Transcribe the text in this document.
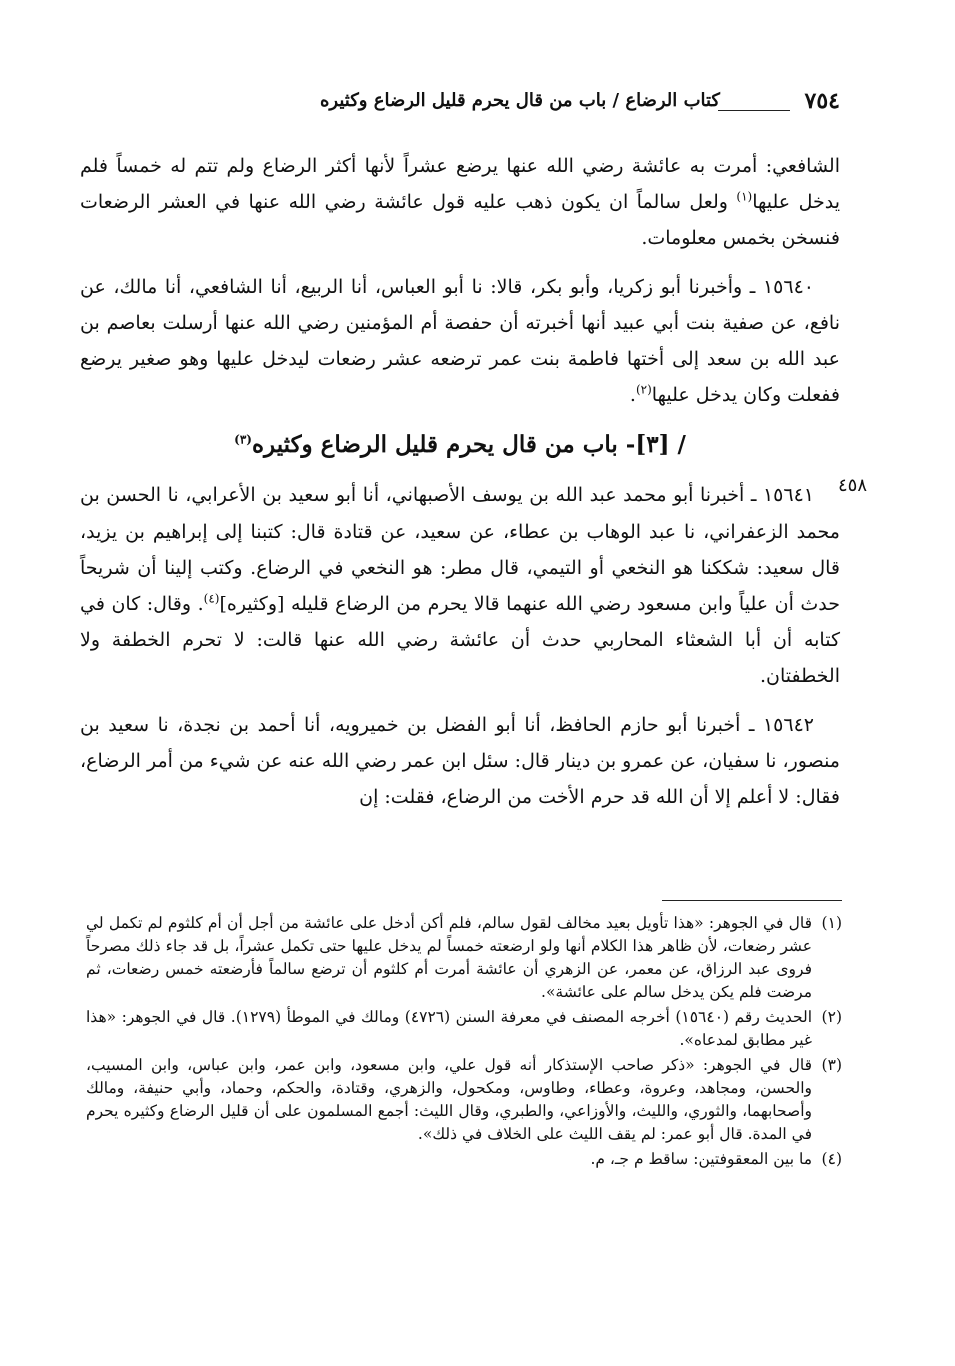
٧٥٤
كتاب الرضاع / باب من قال يحرم قليل الرضاع وكثيره
٤٥٨

الشافعي: أمرت به عائشة رضي الله عنها يرضع عشراً لأنها أكثر الرضاع ولم تتم له خمساً فلم يدخل عليها$^{(١)}$ ولعل سالماً ان يكون ذهب عليه قول عائشة رضي الله عنها في العشر الرضعات فنسخن بخمس معلومات.

١٥٦٤٠ ـ وأخبرنا أبو زكريا، وأبو بكر، قالا: نا أبو العباس، أنا الربيع، أنا الشافعي، أنا مالك، عن نافع، عن صفية بنت أبي عبيد أنها أخبرته أن حفصة أم المؤمنين رضي الله عنها أرسلت بعاصم بن عبد الله بن سعد إلى أختها فاطمة بنت عمر ترضعه عشر رضعات ليدخل عليها وهو صغير يرضع ففعلت وكان يدخل عليها$^{(٢)}$.

/ [٣]- باب من قال يحرم قليل الرضاع وكثيره$^{(٣)}$

١٥٦٤١ ـ أخبرنا أبو محمد عبد الله بن يوسف الأصبهاني، أنا أبو سعيد بن الأعرابي، نا الحسن بن محمد الزعفراني، نا عبد الوهاب بن عطاء، عن سعيد، عن قتادة قال: كتبنا إلى إبراهيم بن يزيد، قال سعيد: شككنا هو النخعي أو التيمي، قال مطر: هو النخعي في الرضاع. وكتب إلينا أن شريحاً حدث أن علياً وابن مسعود رضي الله عنهما قالا يحرم من الرضاع قليله [وكثيره]$^{(٤)}$. وقال: كان في كتابه أن أبا الشعثاء المحاربي حدث أن عائشة رضي الله عنها قالت: لا تحرم الخطفة ولا الخطفتان.

١٥٦٤٢ ـ أخبرنا أبو حازم الحافظ، أنا أبو الفضل بن خميرويه، أنا أحمد بن نجدة، نا سعيد بن منصور، نا سفيان، عن عمرو بن دينار قال: سئل ابن عمر رضي الله عنه عن شيء من أمر الرضاع، فقال: لا أعلم إلا أن الله قد حرم الأخت من الرضاع، فقلت: إن

(١)
قال في الجوهر: «هذا تأويل بعيد مخالف لقول سالم، فلم أكن أدخل على عائشة من أجل أن أم كلثوم لم تكمل لي عشر رضعات، لأن ظاهر هذا الكلام أنها ولو ارضعته خمساً لم يدخل عليها حتى تكمل عشراً، بل قد جاء ذلك مصرحاً فروى عبد الرزاق، عن معمر، عن الزهري أن عائشة أمرت أم كلثوم أن ترضع سالماً فأرضعته خمس رضعات، ثم مرضت فلم يكن يدخل سالم على عائشة».
(٢)
الحديث رقم (١٥٦٤٠) أخرجه المصنف في معرفة السنن (٤٧٢٦) ومالك في الموطأ (١٢٧٩). قال في الجوهر: «هذا غير مطابق لمدعاه».
(٣)
قال في الجوهر: «ذكر صاحب الإستذكار أنه قول علي، وابن مسعود، وابن عمر، وابن عباس، وابن المسيب، والحسن، ومجاهد، وعروة، وعطاء، وطاوس، ومكحول، والزهري، وقتادة، والحكم، وحماد، وأبي حنيفة، ومالك وأصحابهما، والثوري، والليث، والأوزاعي، والطبري، وقال الليث: أجمع المسلمون على أن قليل الرضاع وكثيره يحرم في المدة. قال أبو عمر: لم يقف الليث على الخلاف في ذلك».
(٤)
ما بين المعقوفتين: ساقط م جـ، م.
